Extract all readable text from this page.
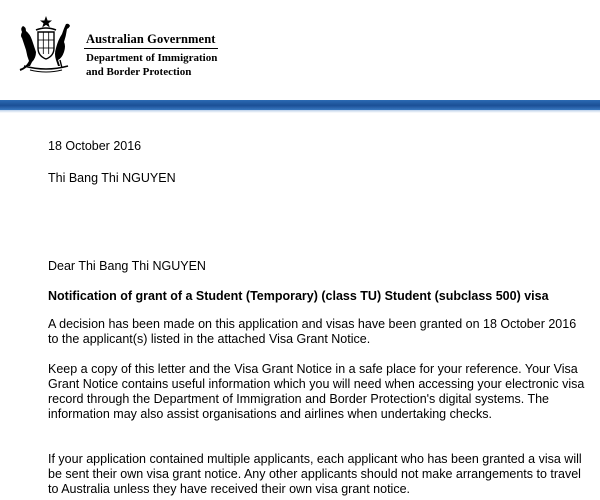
Australian Government
Department of Immigration
and Border Protection
18 October 2016
Thi Bang Thi NGUYEN
Dear Thi Bang Thi NGUYEN
Notification of grant of a Student (Temporary) (class TU) Student (subclass 500) visa
A decision has been made on this application and visas have been granted on 18 October 2016 to the applicant(s) listed in the attached Visa Grant Notice.
Keep a copy of this letter and the Visa Grant Notice in a safe place for your reference. Your Visa Grant Notice contains useful information which you will need when accessing your electronic visa record through the Department of Immigration and Border Protection's digital systems. The information may also assist organisations and airlines when undertaking checks.
If your application contained multiple applicants, each applicant who has been granted a visa will be sent their own visa grant notice. Any other applicants should not make arrangements to travel to Australia unless they have received their own visa grant notice.
